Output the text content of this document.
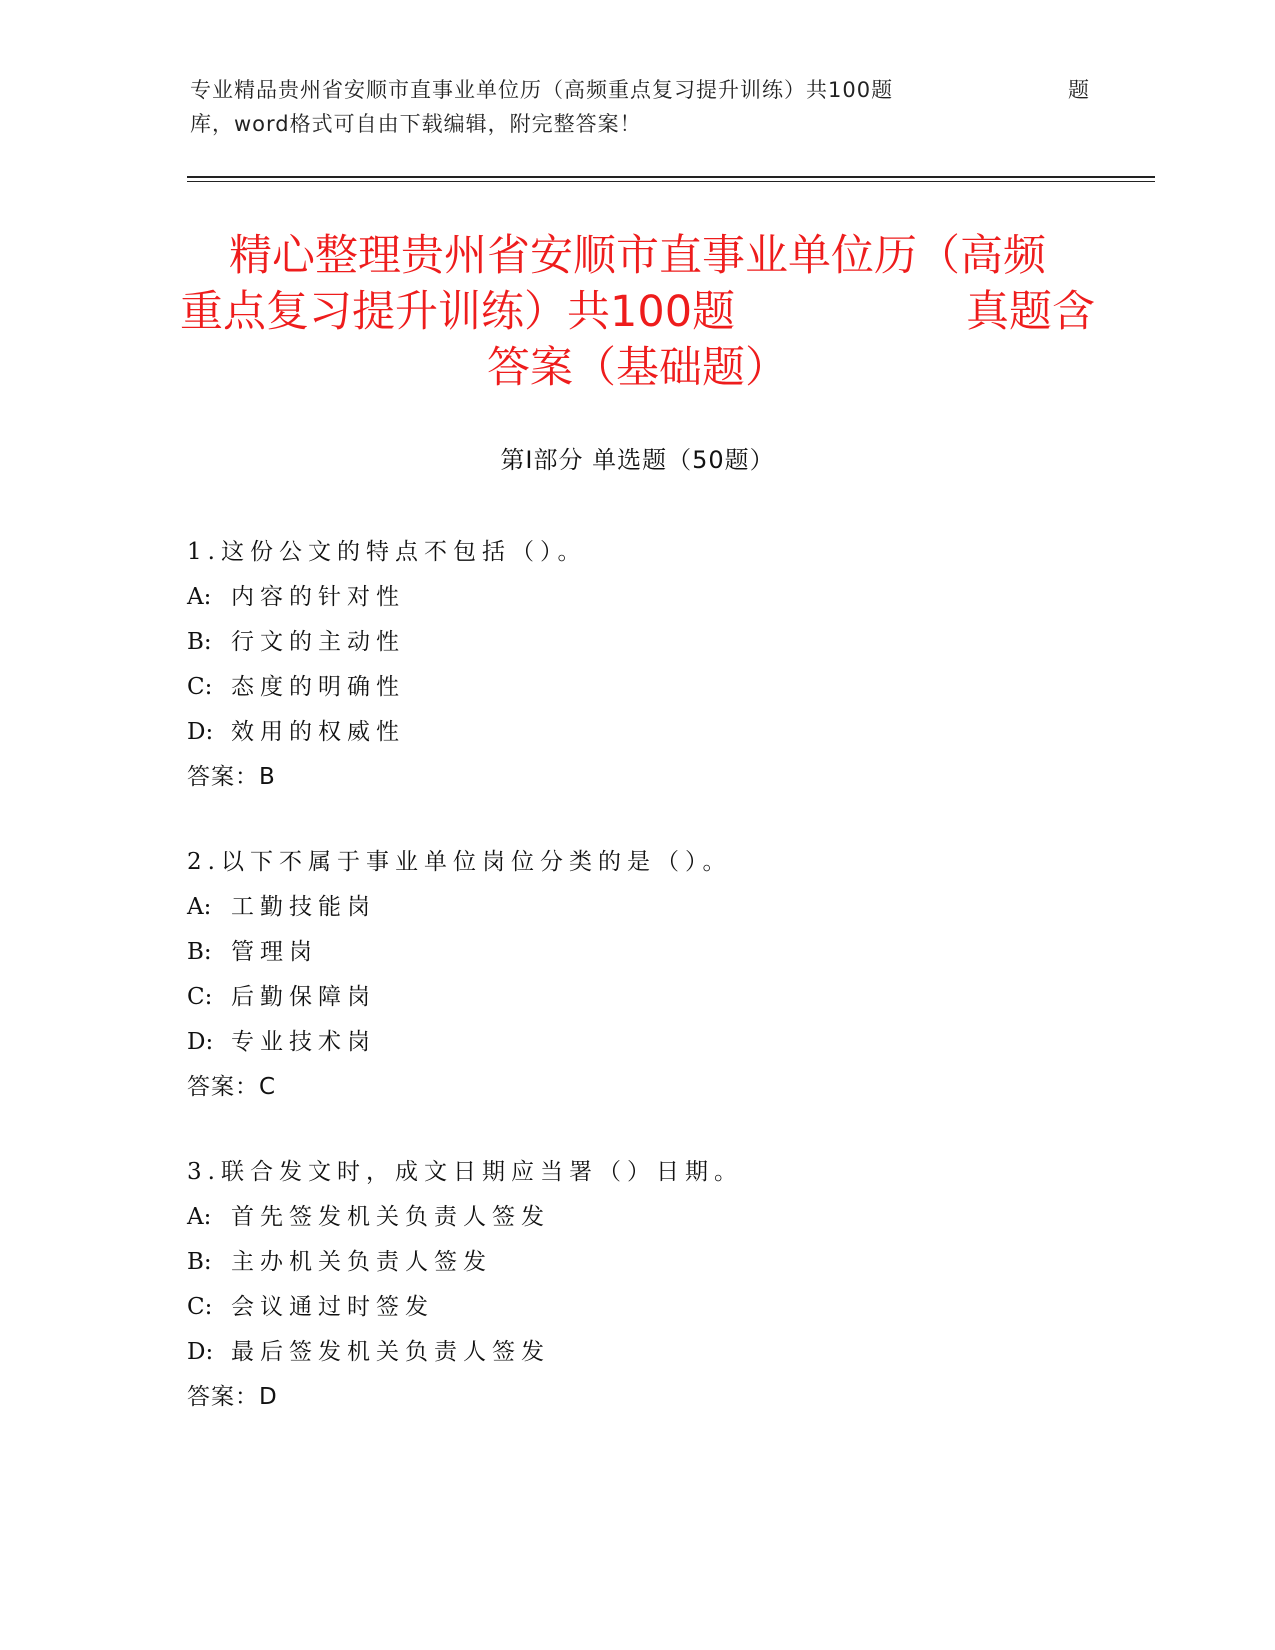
专业精品贵州省安顺市直事业单位历（高频重点复习提升训练）共100题	题
库，word格式可自由下载编辑，附完整答案！
精心整理贵州省安顺市直事业单位历（高频
重点复习提升训练）共100题	真题含
答案（基础题）
第Ⅰ部分 单选题（50题）
1.这份公文的特点不包括（）。
A: 内容的针对性
B: 行文的主动性
C: 态度的明确性
D: 效用的权威性
答案：B
2.以下不属于事业单位岗位分类的是（）。
A: 工勤技能岗
B: 管理岗
C: 后勤保障岗
D: 专业技术岗
答案：C
3.联合发文时，成文日期应当署（）日期。
A: 首先签发机关负责人签发
B: 主办机关负责人签发
C: 会议通过时签发
D: 最后签发机关负责人签发
答案：D
